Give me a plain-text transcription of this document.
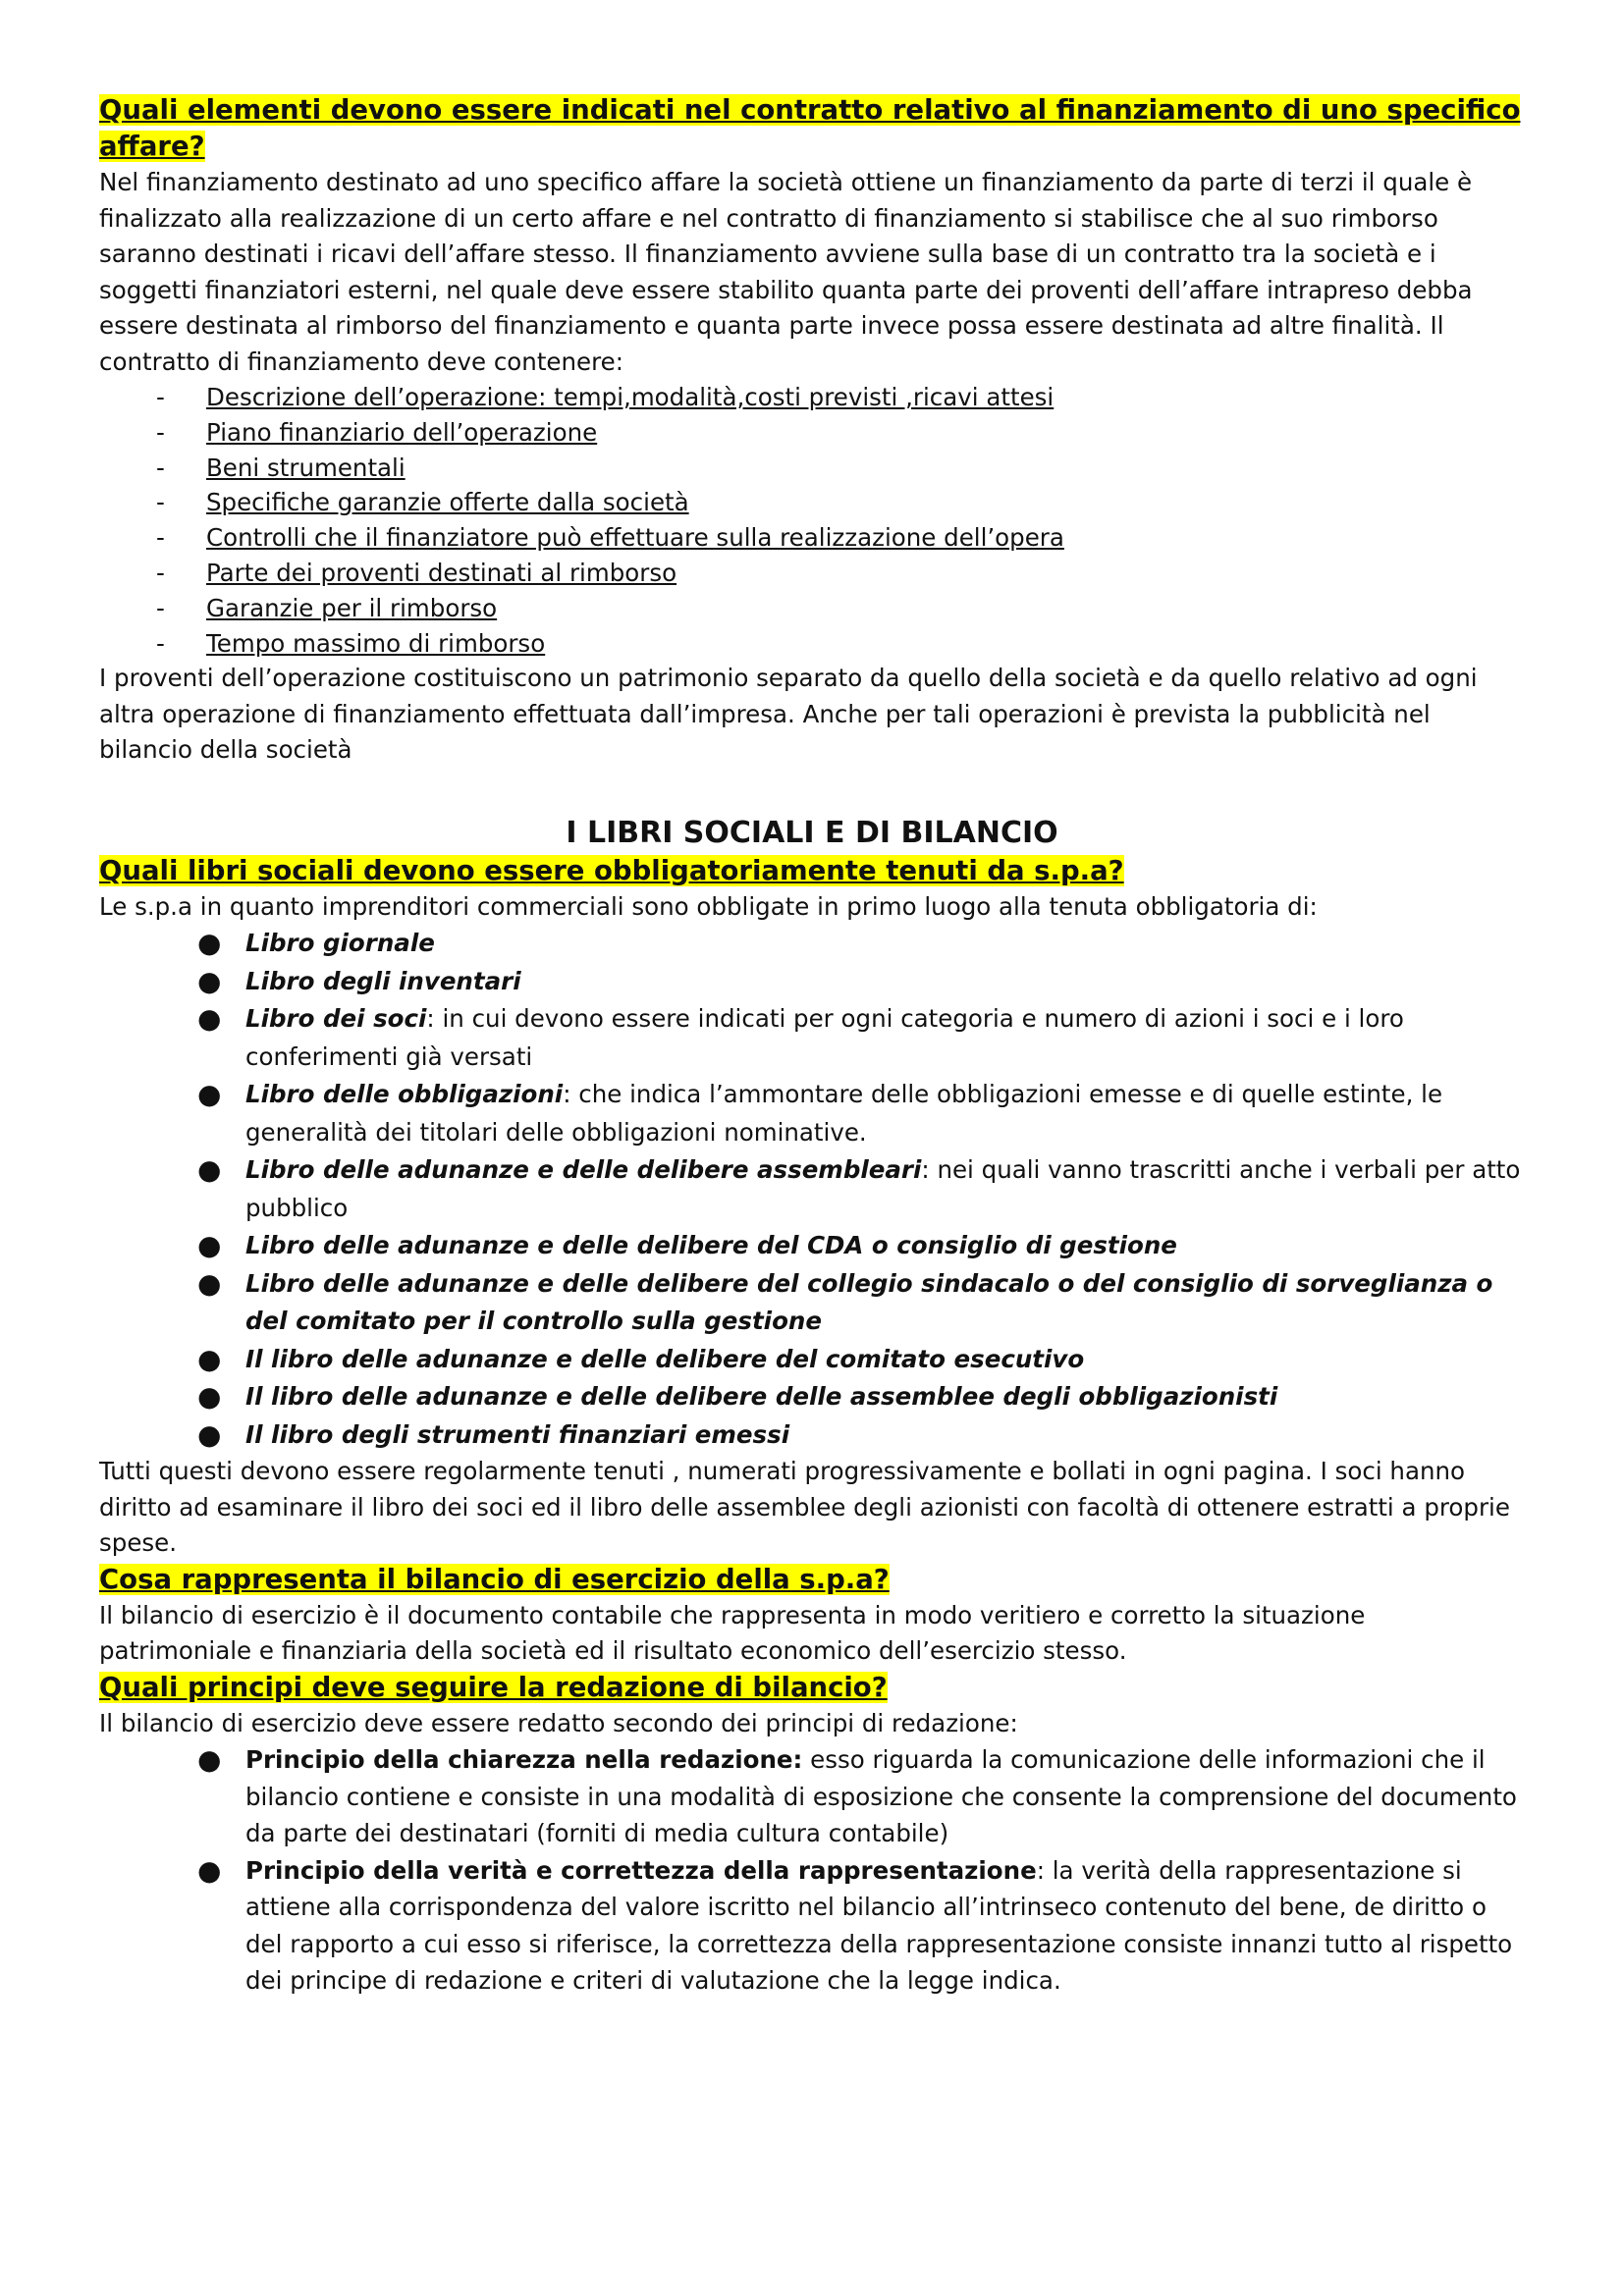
Quali elementi devono essere indicati nel contratto relativo al finanziamento di uno specifico affare?

Nel finanziamento destinato ad uno specifico affare la società ottiene un finanziamento da parte di terzi il quale è finalizzato alla realizzazione di un certo affare e nel contratto di finanziamento si stabilisce che al suo rimborso saranno destinati i ricavi dell’affare stesso. Il finanziamento avviene sulla base di un contratto tra la società e i soggetti finanziatori esterni, nel quale deve essere stabilito quanta parte dei proventi dell’affare intrapreso debba essere destinata al rimborso del finanziamento e quanta parte invece possa essere destinata ad altre finalità. Il contratto di finanziamento deve contenere:

- Descrizione dell’operazione: tempi,modalità,costi previsti ,ricavi attesi
- Piano finanziario dell’operazione
- Beni strumentali
- Specifiche garanzie offerte dalla società
- Controlli che il finanziatore può effettuare sulla realizzazione dell’opera
- Parte dei proventi destinati al rimborso
- Garanzie per il rimborso
- Tempo massimo di rimborso

I proventi dell’operazione costituiscono un patrimonio separato da quello della società e da quello relativo ad ogni altra operazione di finanziamento effettuata dall’impresa. Anche per tali operazioni è prevista la pubblicità nel bilancio della società

I LIBRI SOCIALI E DI BILANCIO

Quali libri sociali devono essere obbligatoriamente tenuti da s.p.a?

Le s.p.a in quanto imprenditori commerciali sono obbligate in primo luogo alla tenuta obbligatoria di:

● Libro giornale
● Libro degli inventari
● Libro dei soci: in cui devono essere indicati per ogni categoria e numero di azioni i soci e i loro conferimenti già versati
● Libro delle obbligazioni: che indica l’ammontare delle obbligazioni emesse e di quelle estinte, le generalità dei titolari delle obbligazioni nominative.
● Libro delle adunanze e delle delibere assembleari: nei quali vanno trascritti anche i verbali per atto pubblico
● Libro delle adunanze e delle delibere del CDA o consiglio di gestione
● Libro delle adunanze e delle delibere del collegio sindacalo o del consiglio di sorveglianza o del comitato per il controllo sulla gestione
● Il libro delle adunanze e delle delibere del comitato esecutivo
● Il libro delle adunanze e delle delibere delle assemblee degli obbligazionisti
● Il libro degli strumenti finanziari emessi

Tutti questi devono essere regolarmente tenuti , numerati progressivamente e bollati in ogni pagina. I soci hanno diritto ad esaminare il libro dei soci ed il libro delle assemblee degli azionisti con facoltà di ottenere estratti a proprie spese.

Cosa rappresenta il bilancio di esercizio della s.p.a?

Il bilancio di esercizio è il documento contabile che rappresenta in modo veritiero e corretto la situazione patrimoniale e finanziaria della società ed il risultato economico dell’esercizio stesso.

Quali principi deve seguire la redazione di bilancio?

Il bilancio di esercizio deve essere redatto secondo dei principi di redazione:

● Principio della chiarezza nella redazione: esso riguarda la comunicazione delle informazioni che il bilancio contiene e consiste in una modalità di esposizione che consente la comprensione del documento da parte dei destinatari (forniti di media cultura contabile)
● Principio della verità e correttezza della rappresentazione: la verità della rappresentazione si attiene alla corrispondenza del valore iscritto nel bilancio all’intrinseco contenuto del bene, de diritto o del rapporto a cui esso si riferisce, la correttezza della rappresentazione consiste innanzi tutto al rispetto dei principe di redazione e criteri di valutazione che la legge indica.
